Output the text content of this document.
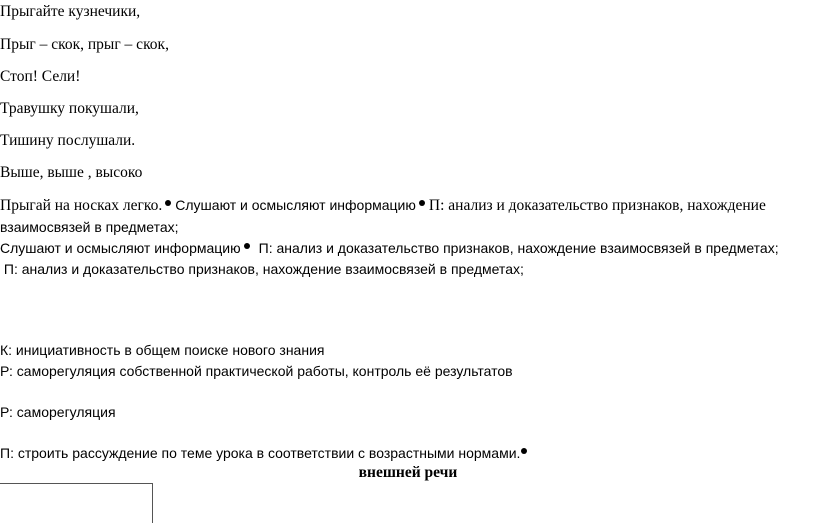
Прыгайте кузнечики,
Прыг – скок, прыг – скок,
Стоп! Сели!
Травушку покушали,
Тишину послушали.
Выше, выше , высоко
Прыгай на носках легко. Слушают и осмысляют информацию П: анализ и доказательство признаков, нахождение
взаимосвязей в предметах;
Слушают и осмысляют информацию П: анализ и доказательство признаков, нахождение взаимосвязей в предметах;
П: анализ и доказательство признаков, нахождение взаимосвязей в предметах;
К: инициативность в общем поиске нового знания
Р: саморегуляция собственной практической работы, контроль её результатов
Р: саморегуляция
П: строить рассуждение по теме урока в соответствии с возрастными нормами.
внешней речи
